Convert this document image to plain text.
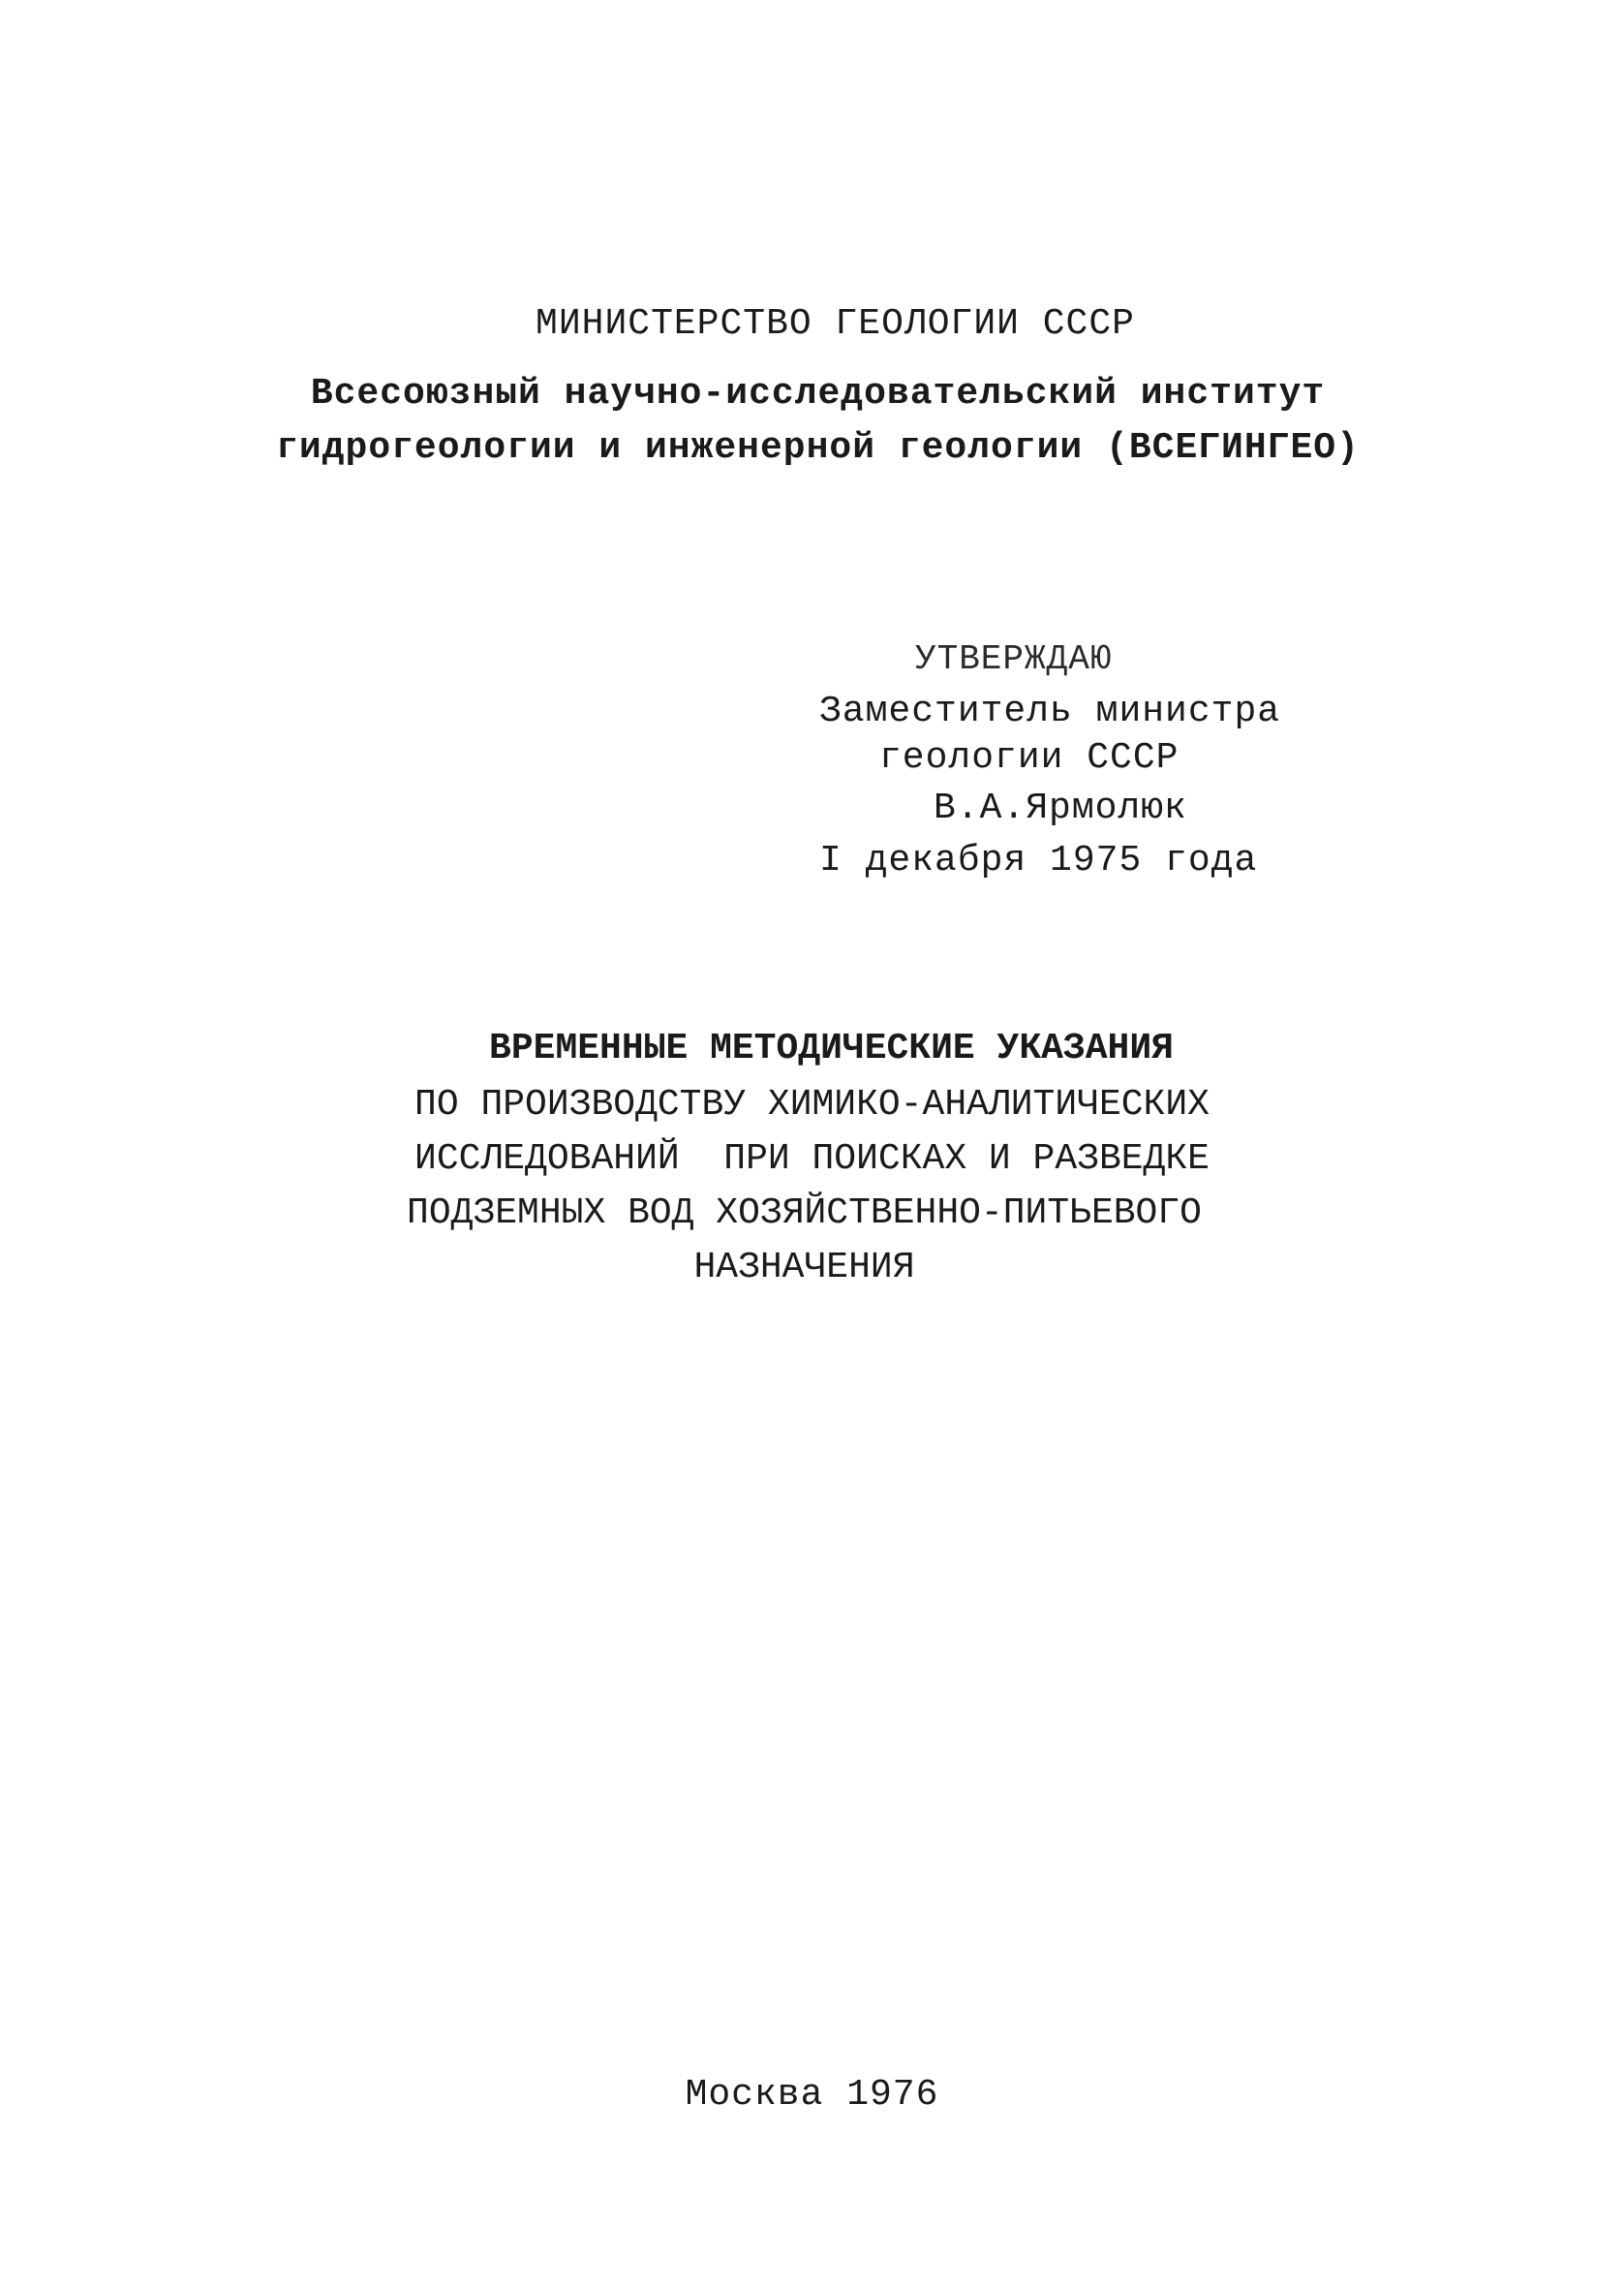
МИНИСТЕРСТВО ГЕОЛОГИИ СССР
Всесоюзный научно-исследовательский институт
гидрогеологии и инженерной геологии (ВСЕГИНГЕО)
УТВЕРЖДАЮ
Заместитель министра
геологии СССР
В.А.Ярмолюк
I декабря 1975 года
ВРЕМЕННЫЕ МЕТОДИЧЕСКИЕ УКАЗАНИЯ
ПО ПРОИЗВОДСТВУ ХИМИКО-АНАЛИТИЧЕСКИХ
ИССЛЕДОВАНИЙ  ПРИ ПОИСКАХ И РАЗВЕДКЕ
ПОДЗЕМНЫХ ВОД ХОЗЯЙСТВЕННО-ПИТЬЕВОГО
НАЗНАЧЕНИЯ
Москва 1976
